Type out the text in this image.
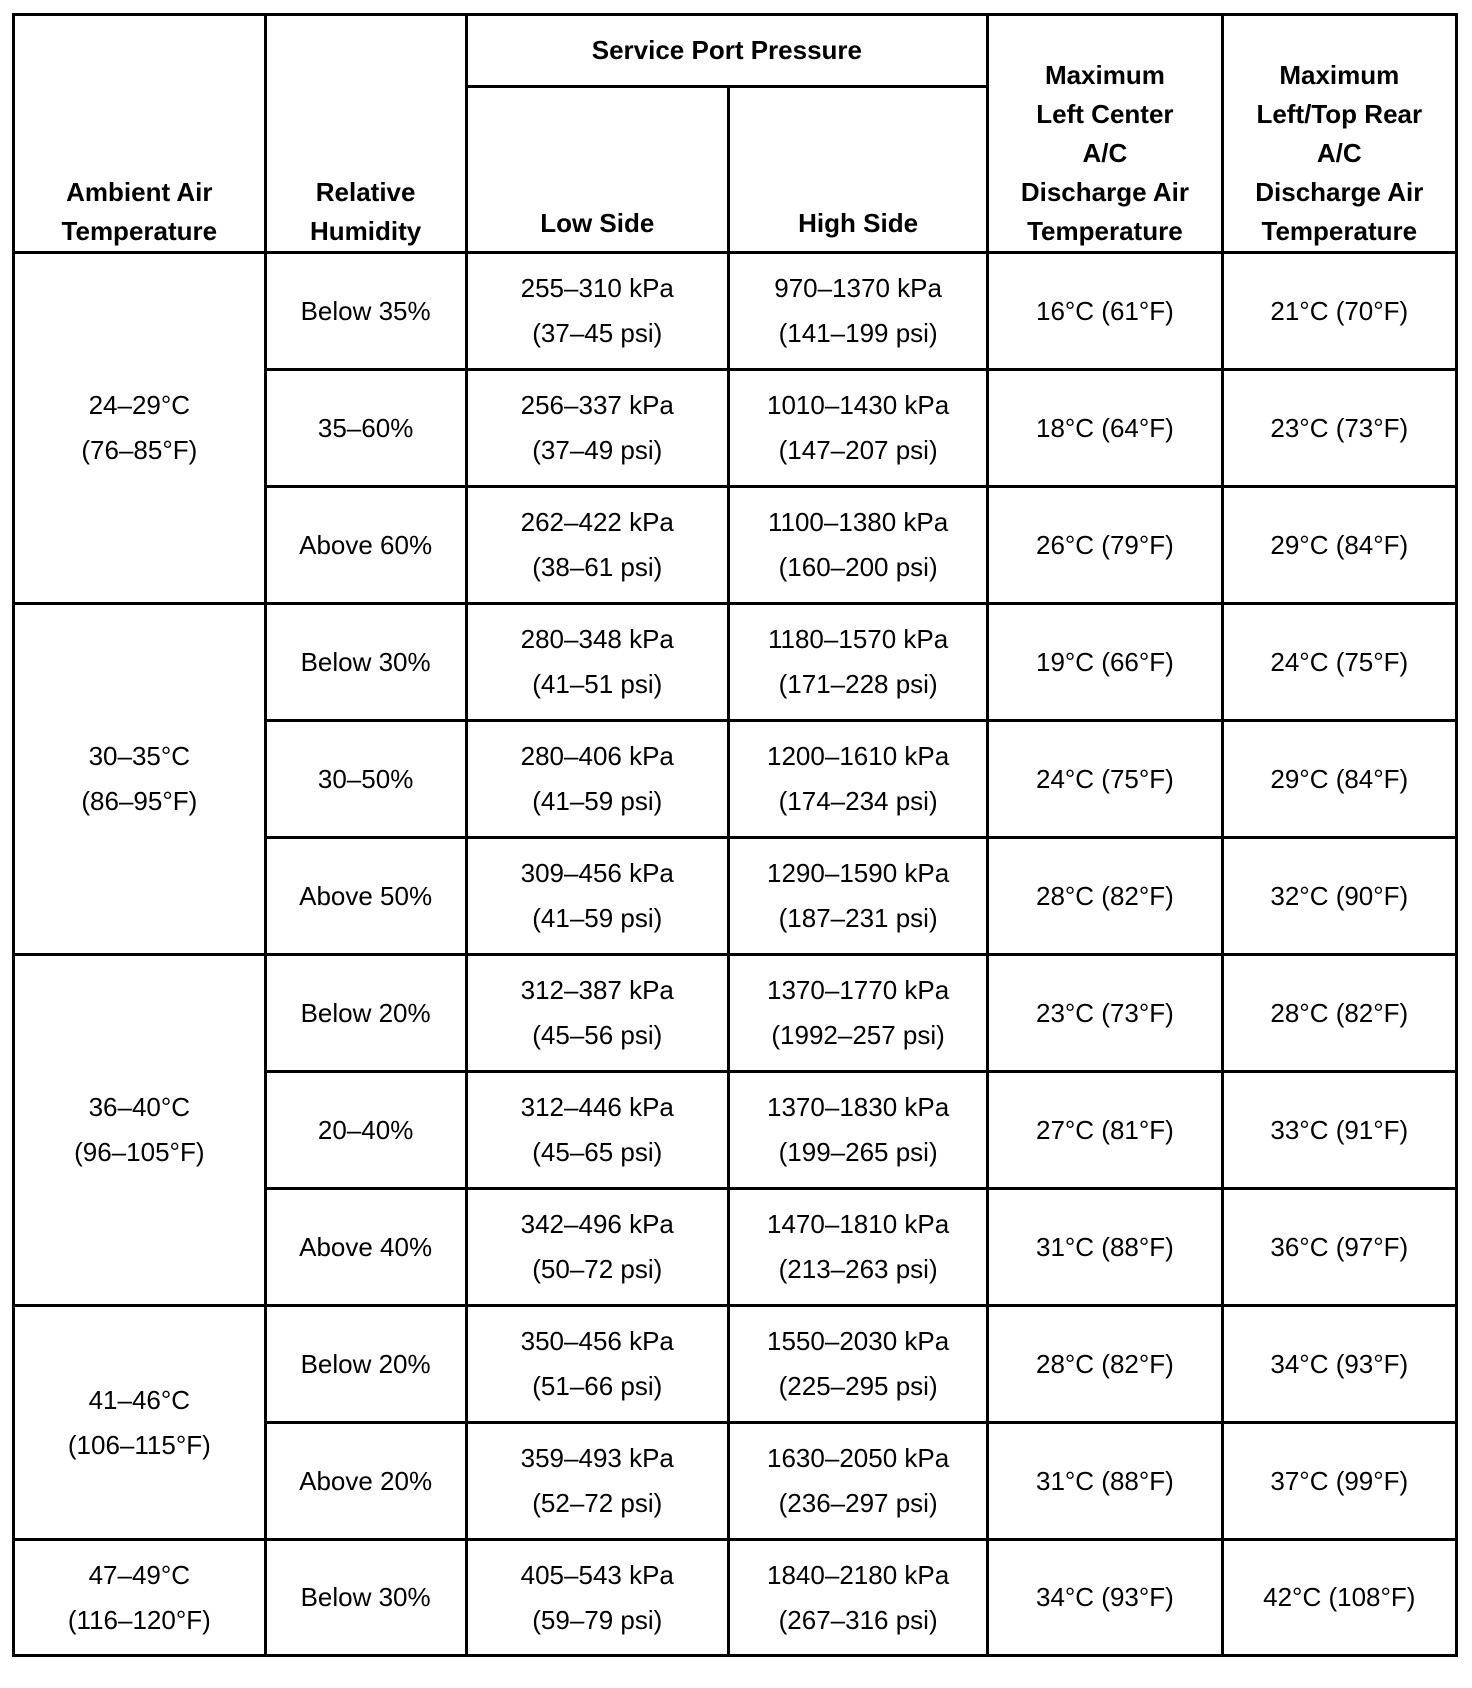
Ambient Air
Temperature	Relative
Humidity	Service Port Pressure		Maximum
Left Center
A/C
Discharge Air
Temperature	Maximum
Left/Top Rear
A/C
Discharge Air
Temperature

		Low Side	High Side		

24–29°C
(76–85°F)	Below 35%	255–310 kPa
(37–45 psi)	970–1370 kPa
(141–199 psi)	16°C (61°F)	21°C (70°F)
	35–60%	256–337 kPa
(37–49 psi)	1010–1430 kPa
(147–207 psi)	18°C (64°F)	23°C (73°F)
	Above 60%	262–422 kPa
(38–61 psi)	1100–1380 kPa
(160–200 psi)	26°C (79°F)	29°C (84°F)

30–35°C
(86–95°F)	Below 30%	280–348 kPa
(41–51 psi)	1180–1570 kPa
(171–228 psi)	19°C (66°F)	24°C (75°F)
	30–50%	280–406 kPa
(41–59 psi)	1200–1610 kPa
(174–234 psi)	24°C (75°F)	29°C (84°F)
	Above 50%	309–456 kPa
(41–59 psi)	1290–1590 kPa
(187–231 psi)	28°C (82°F)	32°C (90°F)

36–40°C
(96–105°F)	Below 20%	312–387 kPa
(45–56 psi)	1370–1770 kPa
(1992–257 psi)	23°C (73°F)	28°C (82°F)
	20–40%	312–446 kPa
(45–65 psi)	1370–1830 kPa
(199–265 psi)	27°C (81°F)	33°C (91°F)
	Above 40%	342–496 kPa
(50–72 psi)	1470–1810 kPa
(213–263 psi)	31°C (88°F)	36°C (97°F)

41–46°C
(106–115°F)	Below 20%	350–456 kPa
(51–66 psi)	1550–2030 kPa
(225–295 psi)	28°C (82°F)	34°C (93°F)
	Above 20%	359–493 kPa
(52–72 psi)	1630–2050 kPa
(236–297 psi)	31°C (88°F)	37°C (99°F)

47–49°C
(116–120°F)	Below 30%	405–543 kPa
(59–79 psi)	1840–2180 kPa
(267–316 psi)	34°C (93°F)	42°C (108°F)
